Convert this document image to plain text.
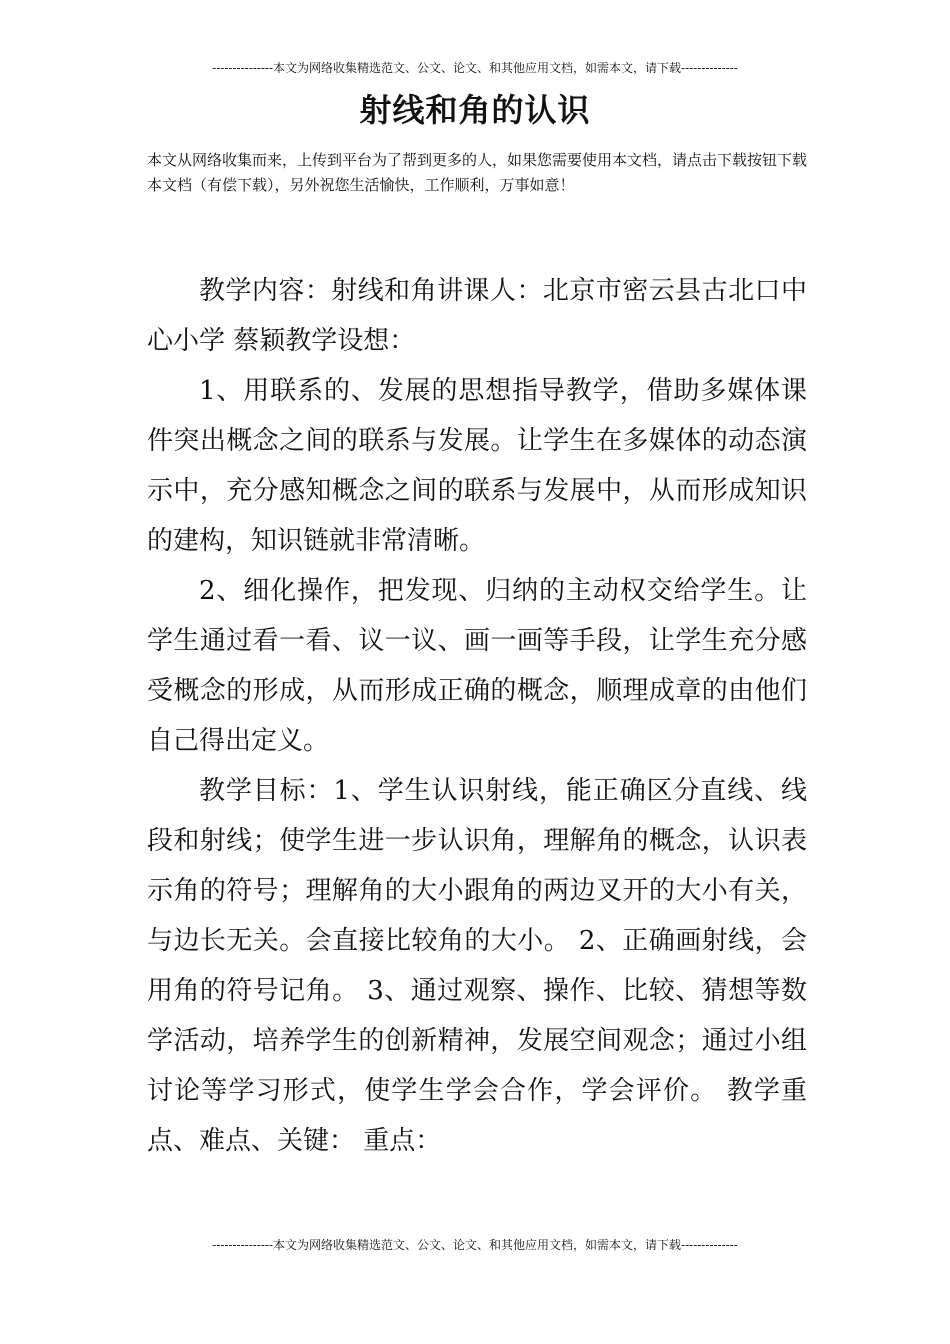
---------------本文为网络收集精选范文、公文、论文、和其他应用文档，如需本文，请下载--------------
射线和角的认识
本文从网络收集而来，上传到平台为了帮到更多的人，如果您需要使用本文档，请点击下载按钮下载本文档（有偿下载），另外祝您生活愉快，工作顺利，万事如意！

教学内容：射线和角讲课人：北京市密云县古北口中心小学 蔡颖教学设想：

1、用联系的、发展的思想指导教学，借助多媒体课件突出概念之间的联系与发展。让学生在多媒体的动态演示中，充分感知概念之间的联系与发展中，从而形成知识的建构，知识链就非常清晰。

2、细化操作，把发现、归纳的主动权交给学生。让学生通过看一看、议一议、画一画等手段，让学生充分感受概念的形成，从而形成正确的概念，顺理成章的由他们自己得出定义。

教学目标：1、学生认识射线，能正确区分直线、线段和射线；使学生进一步认识角，理解角的概念，认识表示角的符号；理解角的大小跟角的两边叉开的大小有关，与边长无关。会直接比较角的大小。 2、正确画射线，会用角的符号记角。 3、通过观察、操作、比较、猜想等数学活动，培养学生的创新精神，发展空间观念；通过小组讨论等学习形式，使学生学会合作，学会评价。 教学重点、难点、关键： 重点：

---------------本文为网络收集精选范文、公文、论文、和其他应用文档，如需本文，请下载--------------
